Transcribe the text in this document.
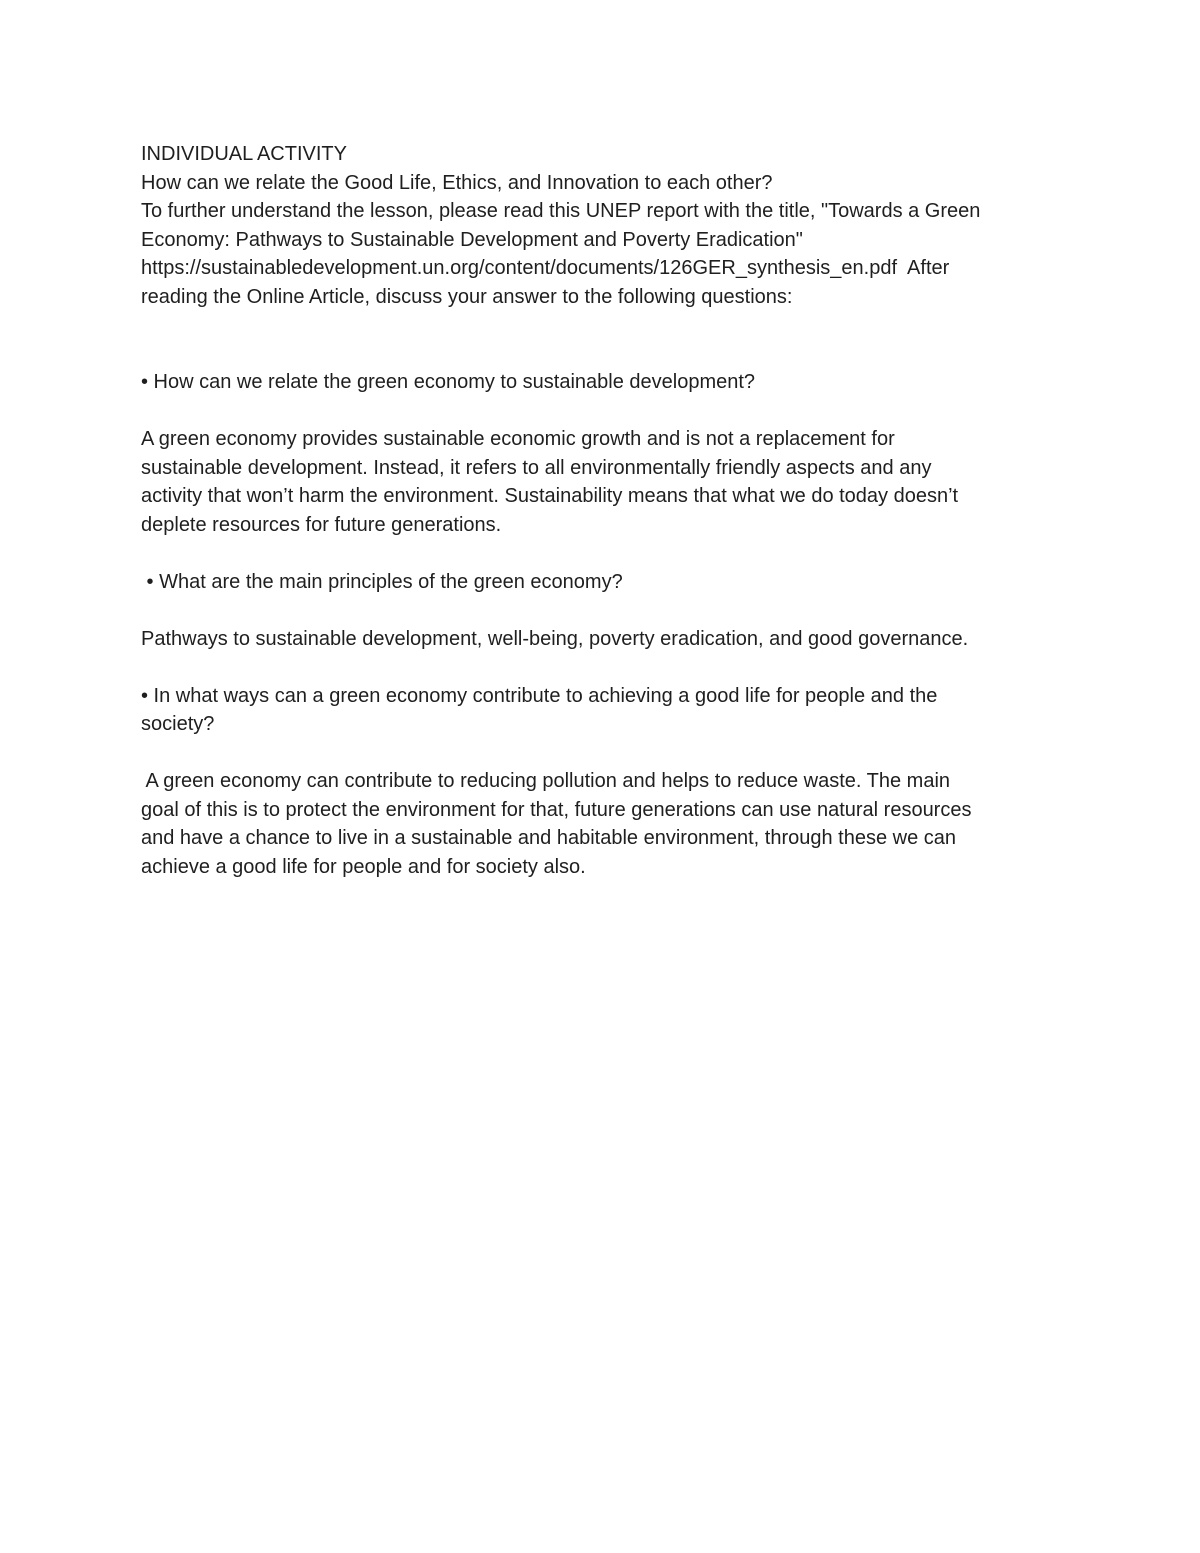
INDIVIDUAL ACTIVITY
How can we relate the Good Life, Ethics, and Innovation to each other?
To further understand the lesson, please read this UNEP report with the title, "Towards a Green
Economy: Pathways to Sustainable Development and Poverty Eradication"
https://sustainabledevelopment.un.org/content/documents/126GER_synthesis_en.pdf  After
reading the Online Article, discuss your answer to the following questions:
• How can we relate the green economy to sustainable development?
A green economy provides sustainable economic growth and is not a replacement for
sustainable development. Instead, it refers to all environmentally friendly aspects and any
activity that won’t harm the environment. Sustainability means that what we do today doesn’t
deplete resources for future generations.
• What are the main principles of the green economy?
Pathways to sustainable development, well-being, poverty eradication, and good governance.
• In what ways can a green economy contribute to achieving a good life for people and the
society?
A green economy can contribute to reducing pollution and helps to reduce waste. The main
goal of this is to protect the environment for that, future generations can use natural resources
and have a chance to live in a sustainable and habitable environment, through these we can
achieve a good life for people and for society also.
